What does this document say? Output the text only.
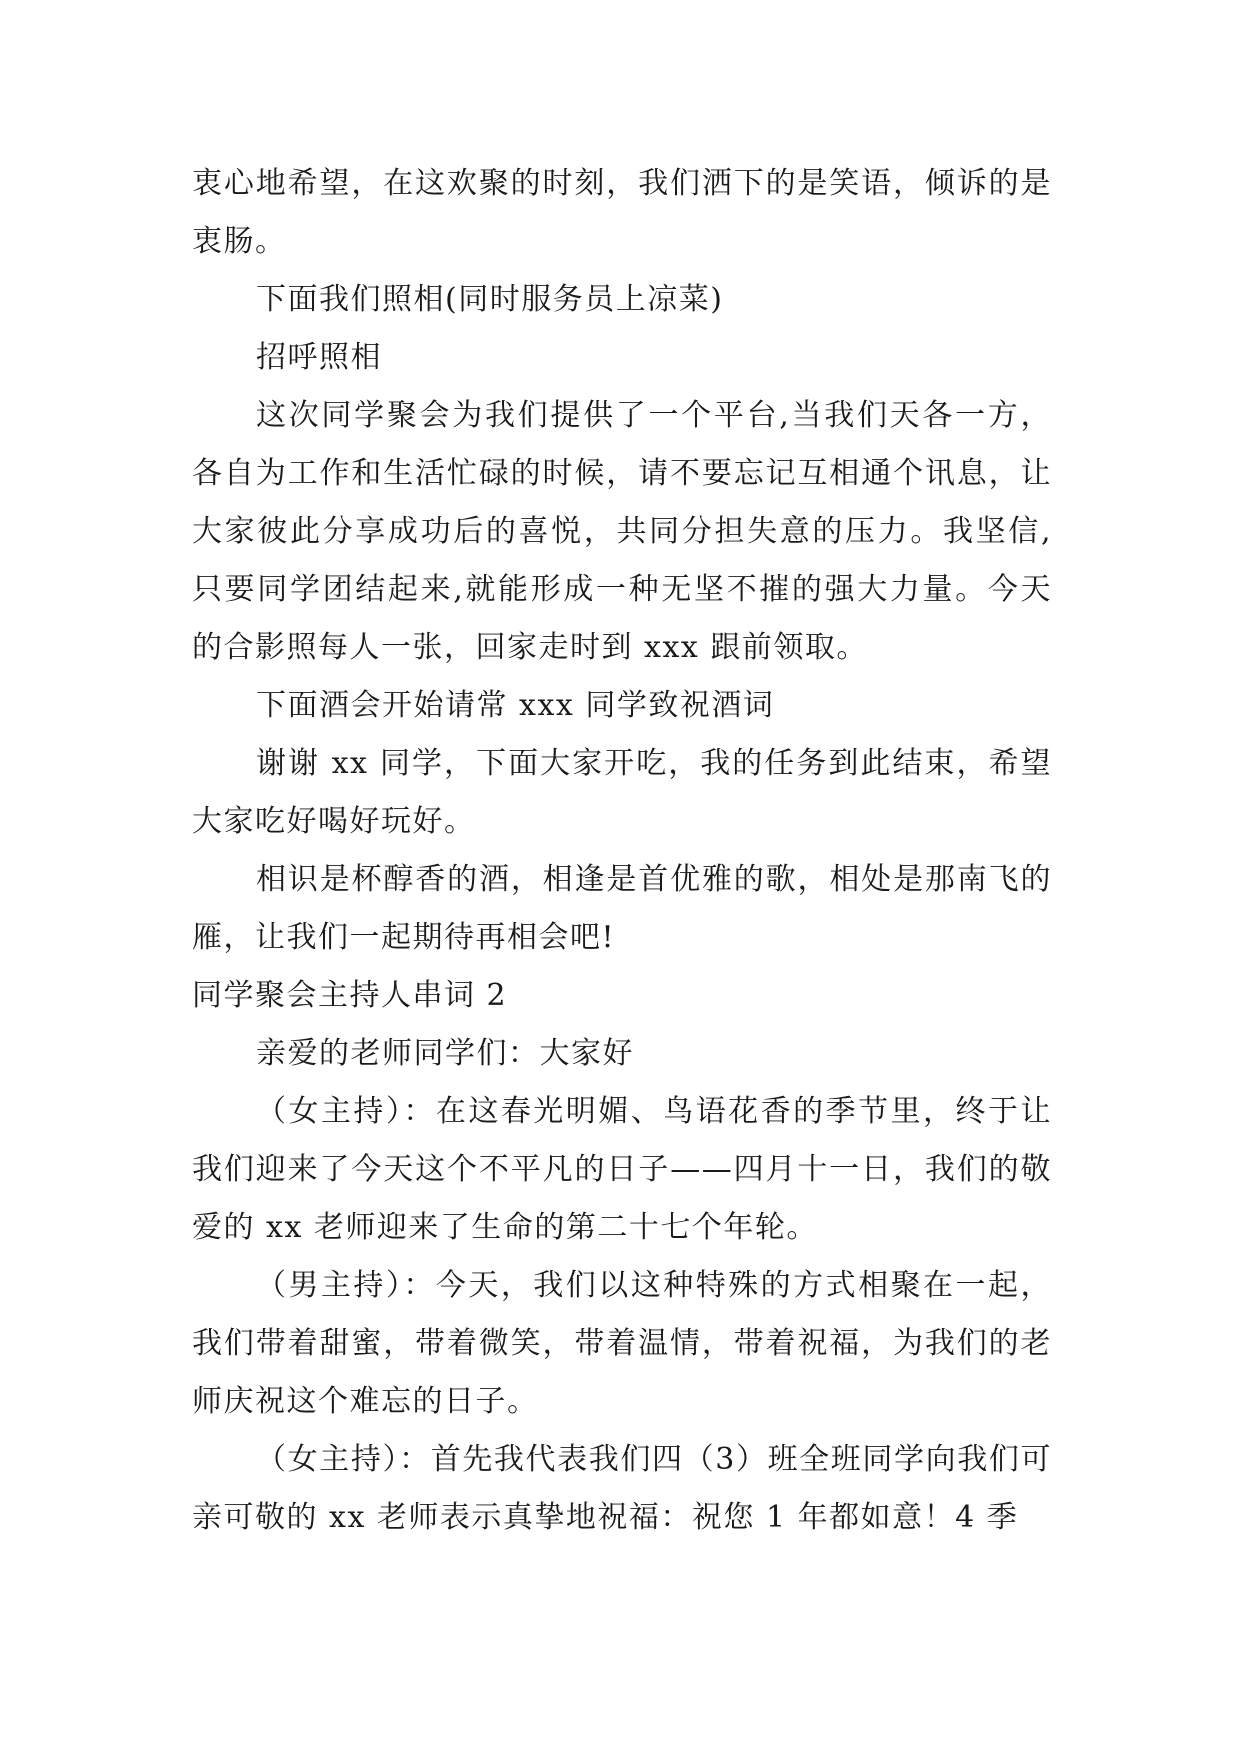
衷心地希望，在这欢聚的时刻，我们洒下的是笑语，倾诉的是衷肠。

下面我们照相(同时服务员上凉菜)

招呼照相

这次同学聚会为我们提供了一个平台,当我们天各一方，各自为工作和生活忙碌的时候，请不要忘记互相通个讯息，让大家彼此分享成功后的喜悦，共同分担失意的压力。我坚信,只要同学团结起来,就能形成一种无坚不摧的强大力量。今天的合影照每人一张，回家走时到 xxx 跟前领取。

下面酒会开始请常 xxx 同学致祝酒词

谢谢 xx 同学，下面大家开吃，我的任务到此结束，希望大家吃好喝好玩好。

相识是杯醇香的酒，相逢是首优雅的歌，相处是那南飞的雁，让我们一起期待再相会吧!

同学聚会主持人串词 2

亲爱的老师同学们：大家好

（女主持）：在这春光明媚、鸟语花香的季节里，终于让我们迎来了今天这个不平凡的日子——四月十一日，我们的敬爱的 xx 老师迎来了生命的第二十七个年轮。

（男主持）：今天，我们以这种特殊的方式相聚在一起，我们带着甜蜜，带着微笑，带着温情，带着祝福，为我们的老师庆祝这个难忘的日子。

（女主持）：首先我代表我们四（3）班全班同学向我们可亲可敬的 xx 老师表示真挚地祝福：祝您 1 年都如意！4 季
